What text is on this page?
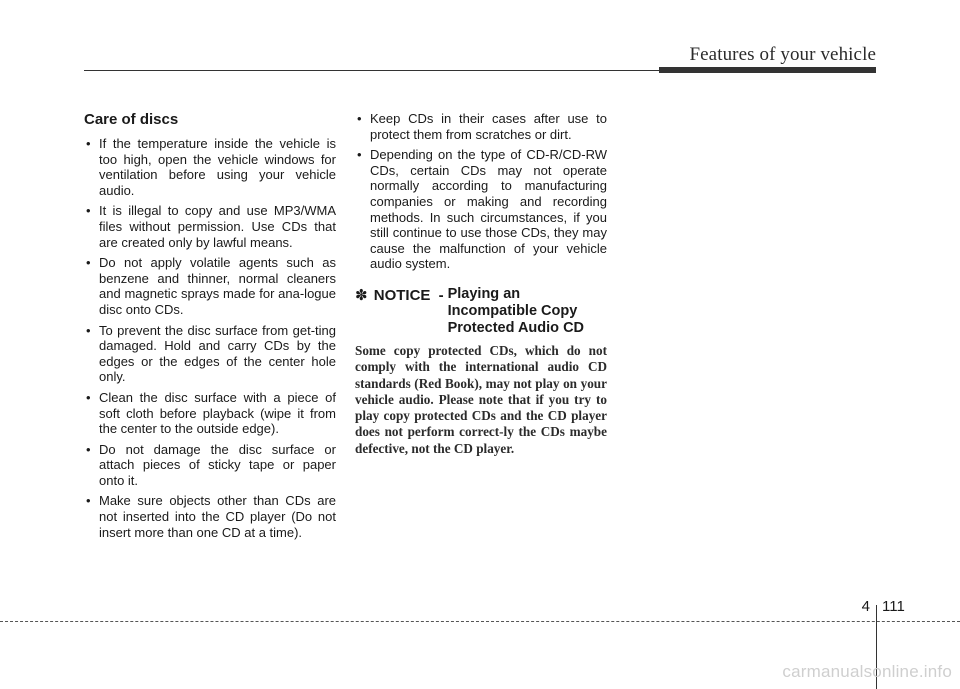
Features of your vehicle
Care of discs
• If the temperature inside the vehicle is too high, open the vehicle windows for ventilation before using your vehicle audio.
• It is illegal to copy and use MP3/WMA files without permission. Use CDs that are created only by lawful means.
• Do not apply volatile agents such as benzene and thinner, normal cleaners and magnetic sprays made for ana-logue disc onto CDs.
• To prevent the disc surface from get-ting damaged. Hold and carry CDs by the edges or the edges of the center hole only.
• Clean the disc surface with a piece of soft cloth before playback (wipe it from the center to the outside edge).
• Do not damage the disc surface or attach pieces of sticky tape or paper onto it.
• Make sure objects other than CDs are not inserted into the CD player (Do not insert more than one CD at a time).
• Keep CDs in their cases after use to protect them from scratches or dirt.
• Depending on the type of CD-R/CD-RW CDs, certain CDs may not operate normally according to manufacturing companies or making and recording methods. In such circumstances, if you still continue to use those CDs, they may cause the malfunction of your vehicle audio system.
✽ NOTICE - Playing an
Incompatible Copy
Protected Audio CD
Some copy protected CDs, which do not comply with the international audio CD standards (Red Book), may not play on your vehicle audio. Please note that if you try to play copy protected CDs and the CD player does not perform correct-ly the CDs maybe defective, not the CD player.
4 111
carmanualsonline.info
